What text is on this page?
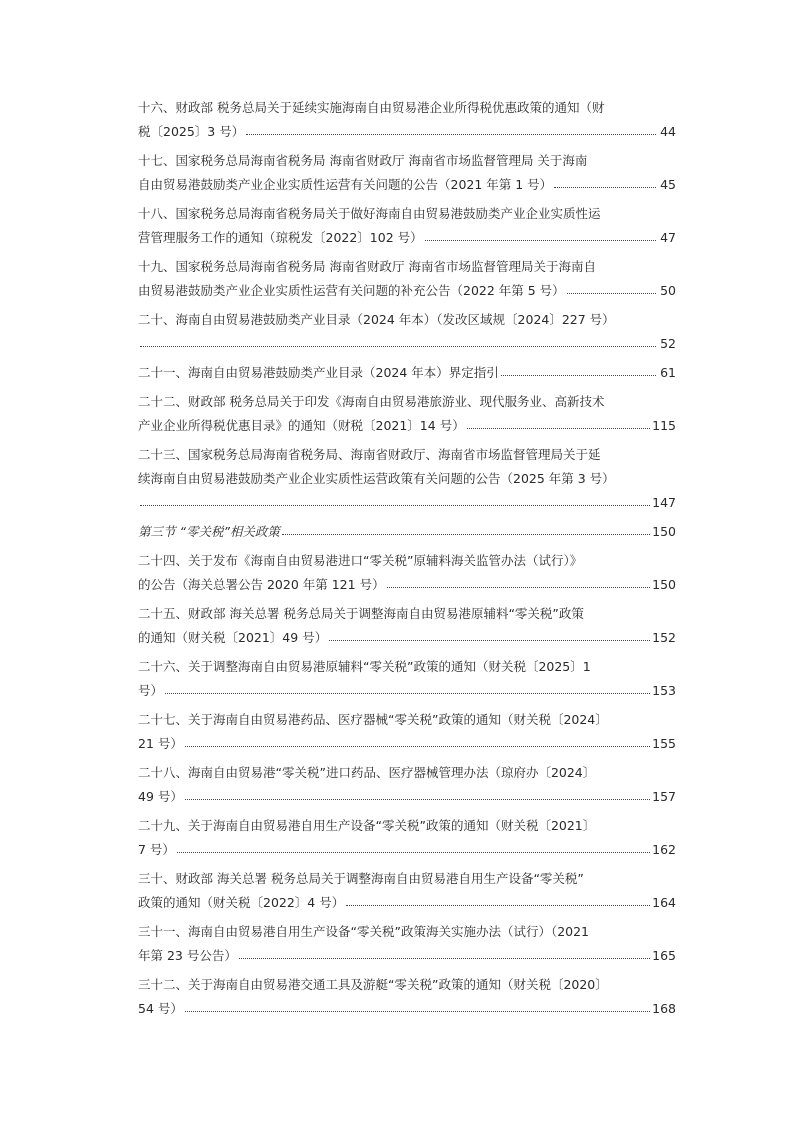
十六、财政部 税务总局关于延续实施海南自由贸易港企业所得税优惠政策的通知（财
税〔2025〕3 号）	44
十七、国家税务总局海南省税务局 海南省财政厅 海南省市场监督管理局 关于海南
自由贸易港鼓励类产业企业实质性运营有关问题的公告（2021 年第 1 号）	45
十八、国家税务总局海南省税务局关于做好海南自由贸易港鼓励类产业企业实质性运
营管理服务工作的通知（琼税发〔2022〕102 号）	47
十九、国家税务总局海南省税务局 海南省财政厅 海南省市场监督管理局关于海南自
由贸易港鼓励类产业企业实质性运营有关问题的补充公告（2022 年第 5 号）	50
二十、海南自由贸易港鼓励类产业目录（2024 年本）（发改区域规〔2024〕227 号）
52
二十一、海南自由贸易港鼓励类产业目录（2024 年本）界定指引	61
二十二、财政部 税务总局关于印发《海南自由贸易港旅游业、现代服务业、高新技术
产业企业所得税优惠目录》的通知（财税〔2021〕14 号）	115
二十三、国家税务总局海南省税务局、海南省财政厅、海南省市场监督管理局关于延
续海南自由贸易港鼓励类产业企业实质性运营政策有关问题的公告（2025 年第 3 号）
147
第三节 “零关税”相关政策	150
二十四、关于发布《海南自由贸易港进口“零关税”原辅料海关监管办法（试行）》
的公告（海关总署公告 2020 年第 121 号）	150
二十五、财政部 海关总署 税务总局关于调整海南自由贸易港原辅料“零关税”政策
的通知（财关税〔2021〕49 号）	152
二十六、关于调整海南自由贸易港原辅料“零关税”政策的通知（财关税〔2025〕1
号）	153
二十七、关于海南自由贸易港药品、医疗器械“零关税”政策的通知（财关税〔2024〕
21 号）	155
二十八、海南自由贸易港“零关税”进口药品、医疗器械管理办法（琼府办〔2024〕
49 号）	157
二十九、关于海南自由贸易港自用生产设备“零关税”政策的通知（财关税〔2021〕
7 号）	162
三十、财政部 海关总署 税务总局关于调整海南自由贸易港自用生产设备“零关税”
政策的通知（财关税〔2022〕4 号）	164
三十一、海南自由贸易港自用生产设备“零关税”政策海关实施办法（试行）（2021
年第 23 号公告）	165
三十二、关于海南自由贸易港交通工具及游艇“零关税”政策的通知（财关税〔2020〕
54 号）	168
